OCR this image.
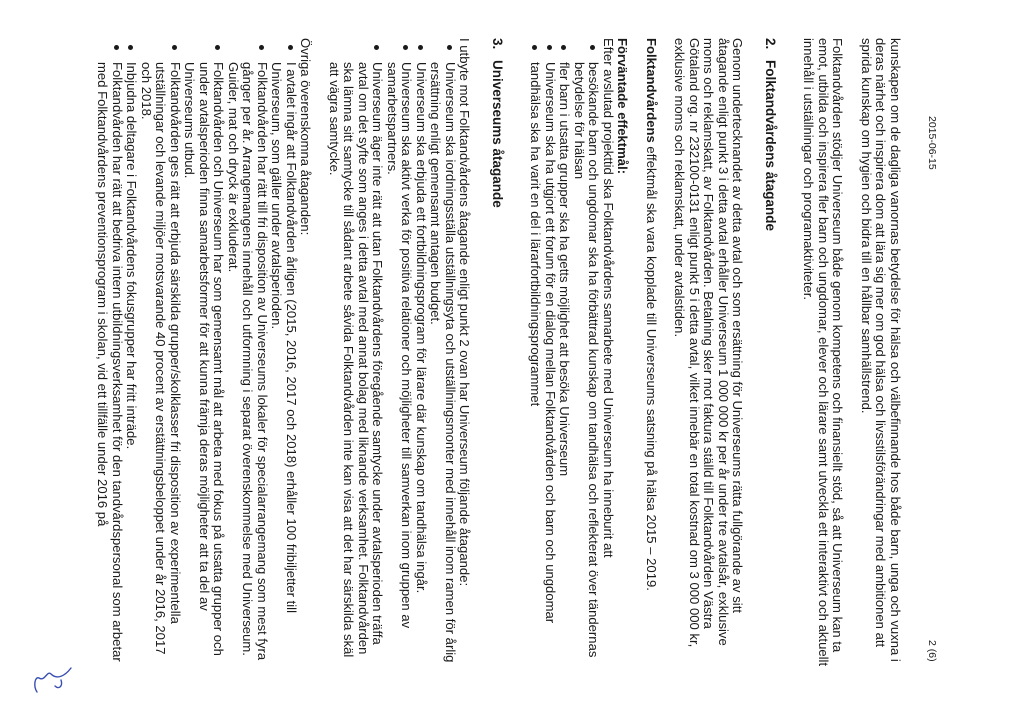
2015-06-15
2 (6)

kunskapen om de dagliga vanornas betydelse för hälsa och välbefinnande hos både barn, unga och vuxna i deras närhet och inspirera dom att lära sig mer om god hälsa och livsstilsförändringar med ambitionen att sprida kunskap om hygien och bidra till en hållbar samhällstrend.

Folktandvården stödjer Universeum både genom kompetens och finansiellt stöd, så att Universeum kan ta emot, utbilda och inspirera fler barn och ungdomar, elever och lärare samt utveckla ett interaktivt och aktuellt innehåll i utställningar och programaktiviteter.

2.Folktandvårdens åtagande

Genom undertecknandet av detta avtal och som ersättning för Universeums rätta fullgörande av sitt åtagande enligt punkt 3 i detta avtal erhåller Universeum 1 000 000 kr per år under tre avtalsår, exklusive moms och reklamskatt, av Folktandvården. Betalning sker mot faktura ställd till Folktandvården Västra Götaland org. nr 232100-0131 enligt punkt 5 i detta avtal, vilket innebär en total kostnad om 3 000 000 kr, exklusive moms och reklamskatt, under avtalstiden.

Folktandvårdens effektmål ska vara kopplade till Universeums satsning på hälsa 2015 – 2019.

Förväntade effektmål:

Efter avslutad projekttid ska Folktandvårdens samarbete med Universeum ha inneburit att

besökande barn och ungdomar ska ha förbättrad kunskap om tandhälsa och reflekterat över tändernas betydelse för hälsan
fler barn i utsatta grupper ska ha getts möjlighet att besöka Universeum
Universeum ska ha utgjort ett forum för en dialog mellan Folktandvården och barn och ungdomar
tandhälsa ska ha varit en del i lärarfortbildningsprogrammet
3.Universeums åtagande

I utbyte mot Folktandvårdens åtagande enligt punkt 2 ovan har Universeum följande åtagande:

Universeum ska iordningsställa utställningsyta och utställningsmonter med innehåll inom ramen för årlig ersättning enligt gemensamt antagen budget.
Universeum ska erbjuda ett fortbildningsprogram för lärare där kunskap om tandhälsa ingår.
Universeum ska aktivt verka för positiva relationer och möjligheter till samverkan inom gruppen av samarbetspartners.
Universeum äger inte rätt att utan Folktandvårdens föregående samtycke under avtalsperioden träffa avtal om det syfte som anges i detta avtal med annat bolag med liknande verksamhet. Folktandvården ska lämna sitt samtycke till sådant arbete såvida Folktandvården inte kan visa att det har särskilda skäl att vägra samtycke.

Övriga överenskomna åtaganden:

I avtalet ingår att Folktandvården årligen (2015, 2016, 2017 och 2018) erhåller 100 fribiljetter till Universeum, som gäller under avtalsperioden.
Folktandvården har rätt till fri disposition av Universeums lokaler för specialarrangemang som mest fyra gånger per år. Arrangemangens innehåll och utformning i separat överenskommelse med Universeum. Guider, mat och dryck är exkluderat.
Folktandvården och Universeum har som gemensamt mål att arbeta med fokus på utsatta grupper och under avtalsperioden finna samarbetsformer för att kunna främja deras möjligheter att ta del av Universeums utbud.
Folktandvården ges rätt att erbjuda särskilda grupper/skolklasser fri disposition av experimentella utställningar och levande miljöer motsvarande 40 procent av erstättningsbeloppet under år 2016, 2017 och 2018.
Inbjudna deltagare i Folktandvårdens fokusgrupper har fritt inträde.
Folktandvården har rätt att bedriva intern utbildningsverksamhet för den tandvårdspersonal som arbetar med Folktandvårdens preventionsprogram i skolan, vid ett tillfälle under 2016 på
